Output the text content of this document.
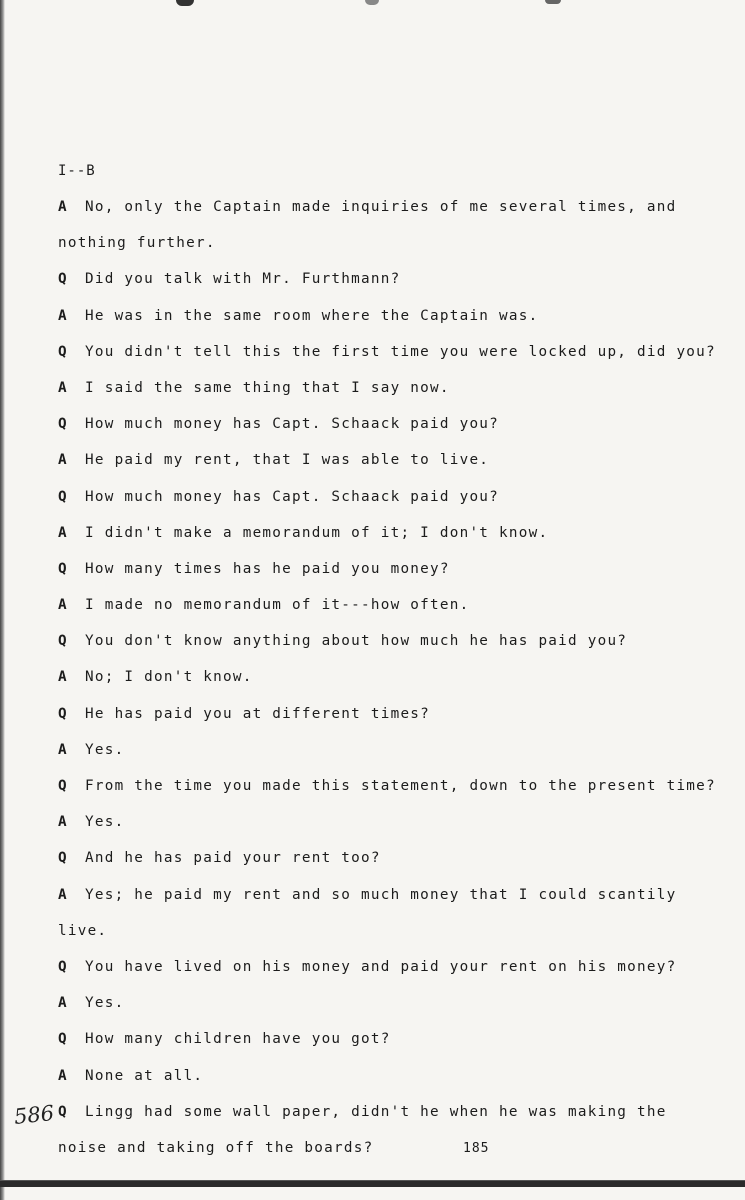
I--B
A No, only the Captain made inquiries of me several times, and
nothing further.
Q Did you talk with Mr. Furthmann?
A He was in the same room where the Captain was.
Q You didn't tell this the first time you were locked up, did you?
A I said the same thing that I say now.
Q How much money has Capt. Schaack paid you?
A He paid my rent, that I was able to live.
Q How much money has Capt. Schaack paid you?
A I didn't make a memorandum of it; I don't know.
Q How many times has he paid you money?
A I made no memorandum of it---how often.
Q You don't know anything about how much he has paid you?
A No; I don't know.
Q He has paid you at different times?
A Yes.
Q From the time you made this statement, down to the present time?
A Yes.
Q And he has paid your rent too?
A Yes; he paid my rent and so much money that I could scantily
live.
Q You have lived on his money and paid your rent on his money?
A Yes.
Q How many children have you got?
A None at all.
Q Lingg had some wall paper, didn't he when he was making the
noise and taking off the boards?
586
185
